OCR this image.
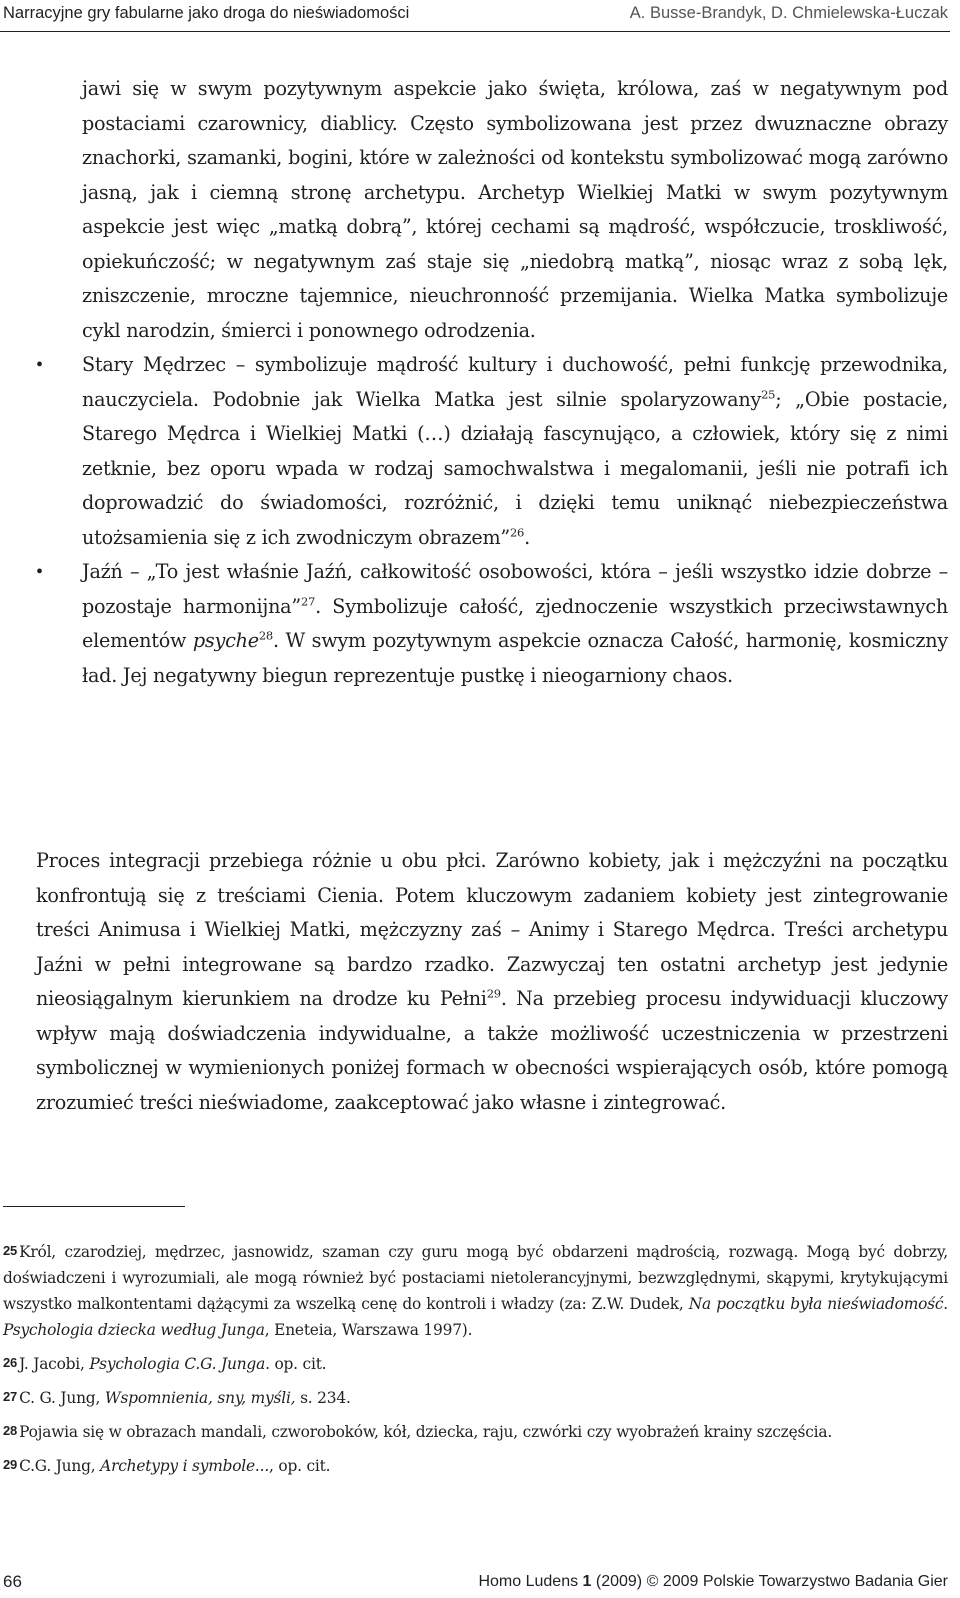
Narracyjne gry fabularne jako droga do nieświadomości	A. Busse-Brandyk, D. Chmielewska-Łuczak
jawi się w swym pozytywnym aspekcie jako święta, królowa, zaś w negatywnym pod postaciami czarownicy, diablicy. Często symbolizowana jest przez dwuznaczne obrazy znachorki, szamanki, bogini, które w zależności od kontekstu symbolizować mogą zarówno jasną, jak i ciemną stronę archetypu. Archetyp Wielkiej Matki w swym pozytywnym aspekcie jest więc „matką dobrą”, której cechami są mądrość, współczucie, troskliwość, opiekuńczość; w negatywnym zaś staje się „niedobrą matką”, niosąc wraz z sobą lęk, zniszczenie, mroczne tajemnice, nieuchronność przemijania. Wielka Matka symbolizuje cykl narodzin, śmierci i ponownego odrodzenia.
• Stary Mędrzec – symbolizuje mądrość kultury i duchowość, pełni funkcję przewodnika, nauczyciela. Podobnie jak Wielka Matka jest silnie spolaryzowany$^{25}$; „Obie postacie, Starego Mędrca i Wielkiej Matki (…) działają fascynująco, a człowiek, który się z nimi zetknie, bez oporu wpada w rodzaj samochwalstwa i megalomanii, jeśli nie potrafi ich doprowadzić do świadomości, rozróżnić, i dzięki temu uniknąć niebezpieczeństwa utożsamienia się z ich zwodniczym obrazem”$^{26}$.
• Jaźń – „To jest właśnie Jaźń, całkowitość osobowości, która – jeśli wszystko idzie dobrze – pozostaje harmonijna”$^{27}$. Symbolizuje całość, zjednoczenie wszystkich przeciwstawnych elementów psyche$^{28}$. W swym pozytywnym aspekcie oznacza Całość, harmonię, kosmiczny ład. Jej negatywny biegun reprezentuje pustkę i nieogarniony chaos.
Proces integracji przebiega różnie u obu płci. Zarówno kobiety, jak i mężczyźni na początku konfrontują się z treściami Cienia. Potem kluczowym zadaniem kobiety jest zintegrowanie treści Animusa i Wielkiej Matki, mężczyzny zaś – Animy i Starego Mędrca. Treści archetypu Jaźni w pełni integrowane są bardzo rzadko. Zazwyczaj ten ostatni archetyp jest jedynie nieosiągalnym kierunkiem na drodze ku Pełni$^{29}$. Na przebieg procesu indywiduacji kluczowy wpływ mają doświadczenia indywidualne, a także możliwość uczestniczenia w przestrzeni symbolicznej w wymienionych poniżej formach w obecności wspierających osób, które pomogą zrozumieć treści nieświadome, zaakceptować jako własne i zintegrować.
25 Król, czarodziej, mędrzec, jasnowidz, szaman czy guru mogą być obdarzeni mądrością, rozwagą. Mogą być dobrzy, doświadczeni i wyrozumiali, ale mogą również być postaciami nietolerancyjnymi, bezwzględnymi, skąpymi, krytykującymi wszystko malkontentami dążącymi za wszelką cenę do kontroli i władzy (za: Z.W. Dudek, Na początku była nieświadomość. Psychologia dziecka według Junga, Eneteia, Warszawa 1997).
26 J. Jacobi, Psychologia C.G. Junga. op. cit.
27 C. G. Jung, Wspomnienia, sny, myśli, s. 234.
28 Pojawia się w obrazach mandali, czworoboków, kół, dziecka, raju, czwórki czy wyobrażeń krainy szczęścia.
29 C.G. Jung, Archetypy i symbole..., op. cit.
66	Homo Ludens 1 (2009) © 2009 Polskie Towarzystwo Badania Gier
